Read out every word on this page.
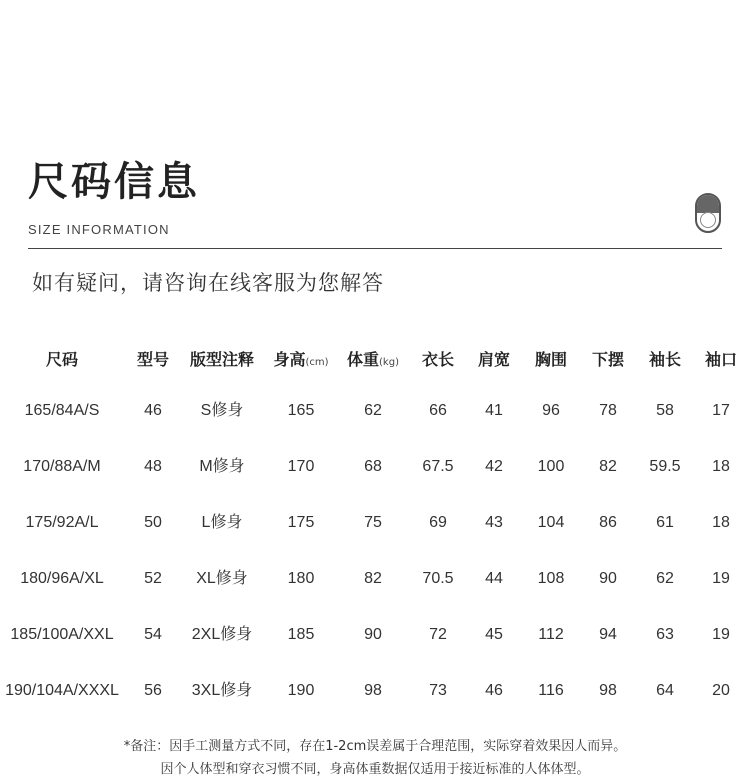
尺码信息
SIZE INFORMATION
如有疑问，请咨询在线客服为您解答
尺码	型号 版型注释 身高(cm) 体重(kg) 衣长 肩宽 胸围 下摆 袖长 袖口
165/84A/S	46 S修身	165	62	66 41 96 78 58 17
170/88A/M	48 M修身	170	68	67.5 42 100 82 59.5 18
175/92A/L	50 L修身	175	75	69 43 104 86 61 18
180/96A/XL	52 XL修身 180	82	70.5 44 108 90 62 19
185/100A/XXL 54 2XL修身 185	90	72 45 112 94 63 19
190/104A/XXXL 56 3XL修身 190	98	73 46 116 98 64 20
*备注：因手工测量方式不同，存在1-2cm误差属于合理范围，实际穿着效果因人而异。
因个人体型和穿衣习惯不同，身高体重数据仅适用于接近标准的人体体型。
